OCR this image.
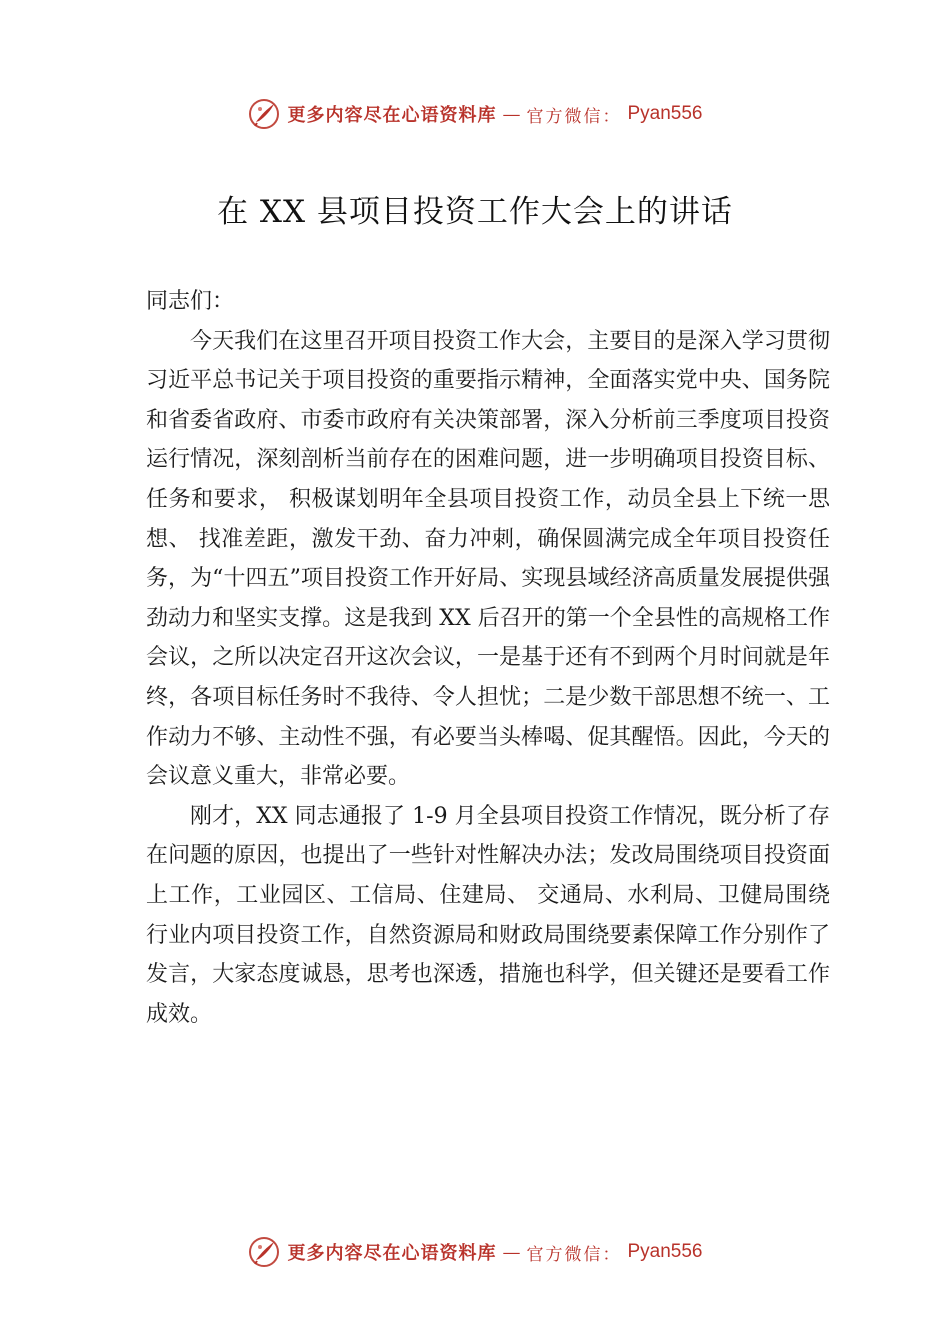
更多内容尽在心语资料库 — 官方微信： Pyan556
在 XX 县项目投资工作大会上的讲话

同志们：

今天我们在这里召开项目投资工作大会，主要目的是深入学习贯彻习近平总书记关于项目投资的重要指示精神，全面落实党中央、国务院和省委省政府、市委市政府有关决策部署，深入分析前三季度项目投资运行情况，深刻剖析当前存在的困难问题，进一步明确项目投资目标、任务和要求， 积极谋划明年全县项目投资工作，动员全县上下统一思想、 找准差距，激发干劲、奋力冲刺，确保圆满完成全年项目投资任务，为“十四五”项目投资工作开好局、实现县域经济高质量发展提供强劲动力和坚实支撑。这是我到 XX 后召开的第一个全县性的高规格工作会议，之所以决定召开这次会议，一是基于还有不到两个月时间就是年终，各项目标任务时不我待、令人担忧；二是少数干部思想不统一、工作动力不够、主动性不强，有必要当头棒喝、促其醒悟。因此，今天的会议意义重大，非常必要。

刚才，XX 同志通报了 1-9 月全县项目投资工作情况，既分析了存在问题的原因，也提出了一些针对性解决办法；发改局围绕项目投资面上工作，工业园区、工信局、住建局、 交通局、水利局、卫健局围绕行业内项目投资工作，自然资源局和财政局围绕要素保障工作分别作了发言，大家态度诚恳，思考也深透，措施也科学，但关键还是要看工作成效。

更多内容尽在心语资料库 — 官方微信： Pyan556
